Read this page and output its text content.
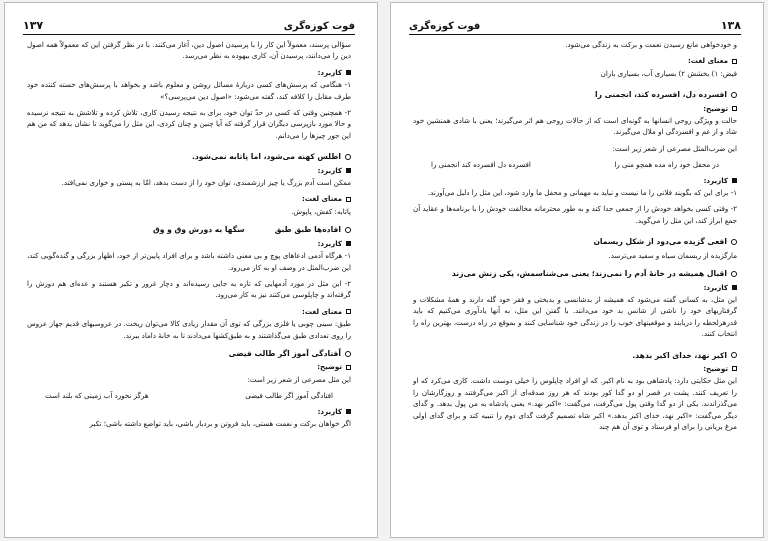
فوت کوزه‌گری
۱۳۷

سؤالی پرسند، معمولاً این کار را با پرسیدن اصول دین، آغاز می‌کنند. با در نظر گرفتن این که معمولاً همه اصول دین را می‌دانند، پرسیدن آن، کاری بیهوده به نظر می‌رسد.

کاربرد:

۱- هنگامی که پرسش‌های کسی دربارهٔ مسائل روشن و معلوم باشد و بخواهد با پرسش‌های خسته کننده خود طرف مقابل را کلافه کند، گفته می‌شود: «اصول دین می‌پرسی؟»

۲- همچنین وقتی که کسی در حدّ توان خود، برای به نتیجه رسیدن کاری، تلاش کرده و تلاشش به نتیجه نرسیده و حالا مورد بازپرسی دیگران قرار گرفته که آیا چنین و چنان کردی، این مثل را می‌گوید تا نشان بدهد که من هم این جور چیزها را می‌دانم.

اطلس کهنه می‌شود، اما پاتابه نمی‌شود.
کاربرد:

ممکن است آدم بزرگ یا چیز ارزشمندی، توان خود را از دست بدهد، امّا به پستی و خواری نمی‌افتد.

معنای لغت:

پاتابه: کفش، پاپوش.

افاده‌ها طبق طبق
سگها به دورش وق و وق
کاربرد:

۱- هرگاه آدمی ادعاهای پوچ و بی معنی داشته باشد و برای افراد پایین‌تر از خود، اظهار بزرگی و گنده‌گویی کند، این ضرب‌المثل در وصف او به کار می‌رود.

۲- این مثل در مورد آدمهایی که تازه به جایی رسیده‌اند و دچار غرور و تکبر هستند و عده‌ای هم دورش را گرفته‌اند و چاپلوسی می‌کنند نیز به کار می‌رود.

معنای لغت:

طبق: سینی چوبی یا فلزی بزرگی که توی آن مقدار زیادی کالا می‌توان ریخت. در عروسیهای قدیم جهاز عروس را روی تعدادی طبق می‌گذاشتند و به طبق‌کشها می‌دادند تا به خانهٔ داماد ببرند.

اُفتادگی آموز اگر طالب فیضی
توضیح:

این مثل مصرعی از شعر زیر است:

افتادگی آموز اگر طالب فیضی
هرگز نخورد آب زمینی که بلند است
کاربرد:

اگر خواهان برکت و نعمت هستی، باید فروتن و بردبار باشی، باید تواضع داشته باشی؛ تکبر

۱۳۸
فوت کوزه‌گری

و خودخواهی مانع رسیدن نعمت و برکت به زندگی می‌شود.

معنای لغت:

فیض: ۱) بخشش ۲) بسیاری آب، بسیاری باران

افسرده دل، افسرده کند، انجمنی را
توضیح:

حالت و ویژگی روحی انسانها به گونه‌ای است که از حالات روحی هم اثر می‌گیرند؛ یعنی با شادی همنشین خود شاد و از غم و افسردگی او ملال می‌گیرند.

این ضرب‌المثل مصرعی از شعر زیر است:

در محفل خود راه مده همچو منی را
افسرده دل افسرده کند انجمنی را
کاربرد:

۱- برای این که بگویند فلانی را ما نیست و نباید به مهمانی و محفل ما وارد شود، این مثل را دلیل می‌آورند.

۲- وقتی کسی بخواهد خودش را از جمعی جدا کند و به طور محترمانه مخالفت خودش را با برنامه‌ها و عقاید آن جمع ابراز کند، این مثل را می‌گوید.

افعی گزیده می‌دود از شکل ریسمان

مارگزیده از ریسمان سیاه و سفید می‌ترسد.

اقبال همیشه در خانهٔ آدم را نمی‌زند؛ یعنی می‌شناسمش، یکی زنش می‌زند
کاربرد:

این مثل، به کسانی گفته می‌شود که همیشه از بدشانسی و بدبختی و فقر خود گله دارند و همهٔ مشکلات و گرفتاریهای خود را ناشی از شانس بد خود می‌دانند. با گفتن این مثل، به آنها یادآوری می‌کنیم که باید قدرهرلحظه را دریابند و موقعیتهای خوب را در زندگی خود شناسایی کنند و بموقع در راه درست، بهترین راه را انتخاب کنند.

اکبر نهد، خدای اکبر بدهد.
توضیح:

این مثل حکایتی دارد: پادشاهی بود به نام اکبر. که او افراد چاپلوس را خیلی دوست داشت. کاری می‌کرد که او را تعریف کنند. پشت در قصر او دو گدا کور بودند که هر روز صدقه‌ای از اکبر می‌گرفتند و روزگارشان را می‌گذراندند. یکی از دو گدا وقتی پول می‌گرفت، می‌گفت: «اکبر نهد.» یعنی پادشاه به من پول بدهد. و گدای دیگر می‌گفت: «اکبر نهد، خدای اکبر بدهد.» اکبر شاه تصمیم گرفت گدای دوم را تنبیه کند و برای گدای اولی مرغ بریانی را برای او فرستاد و توی آن هم چند
